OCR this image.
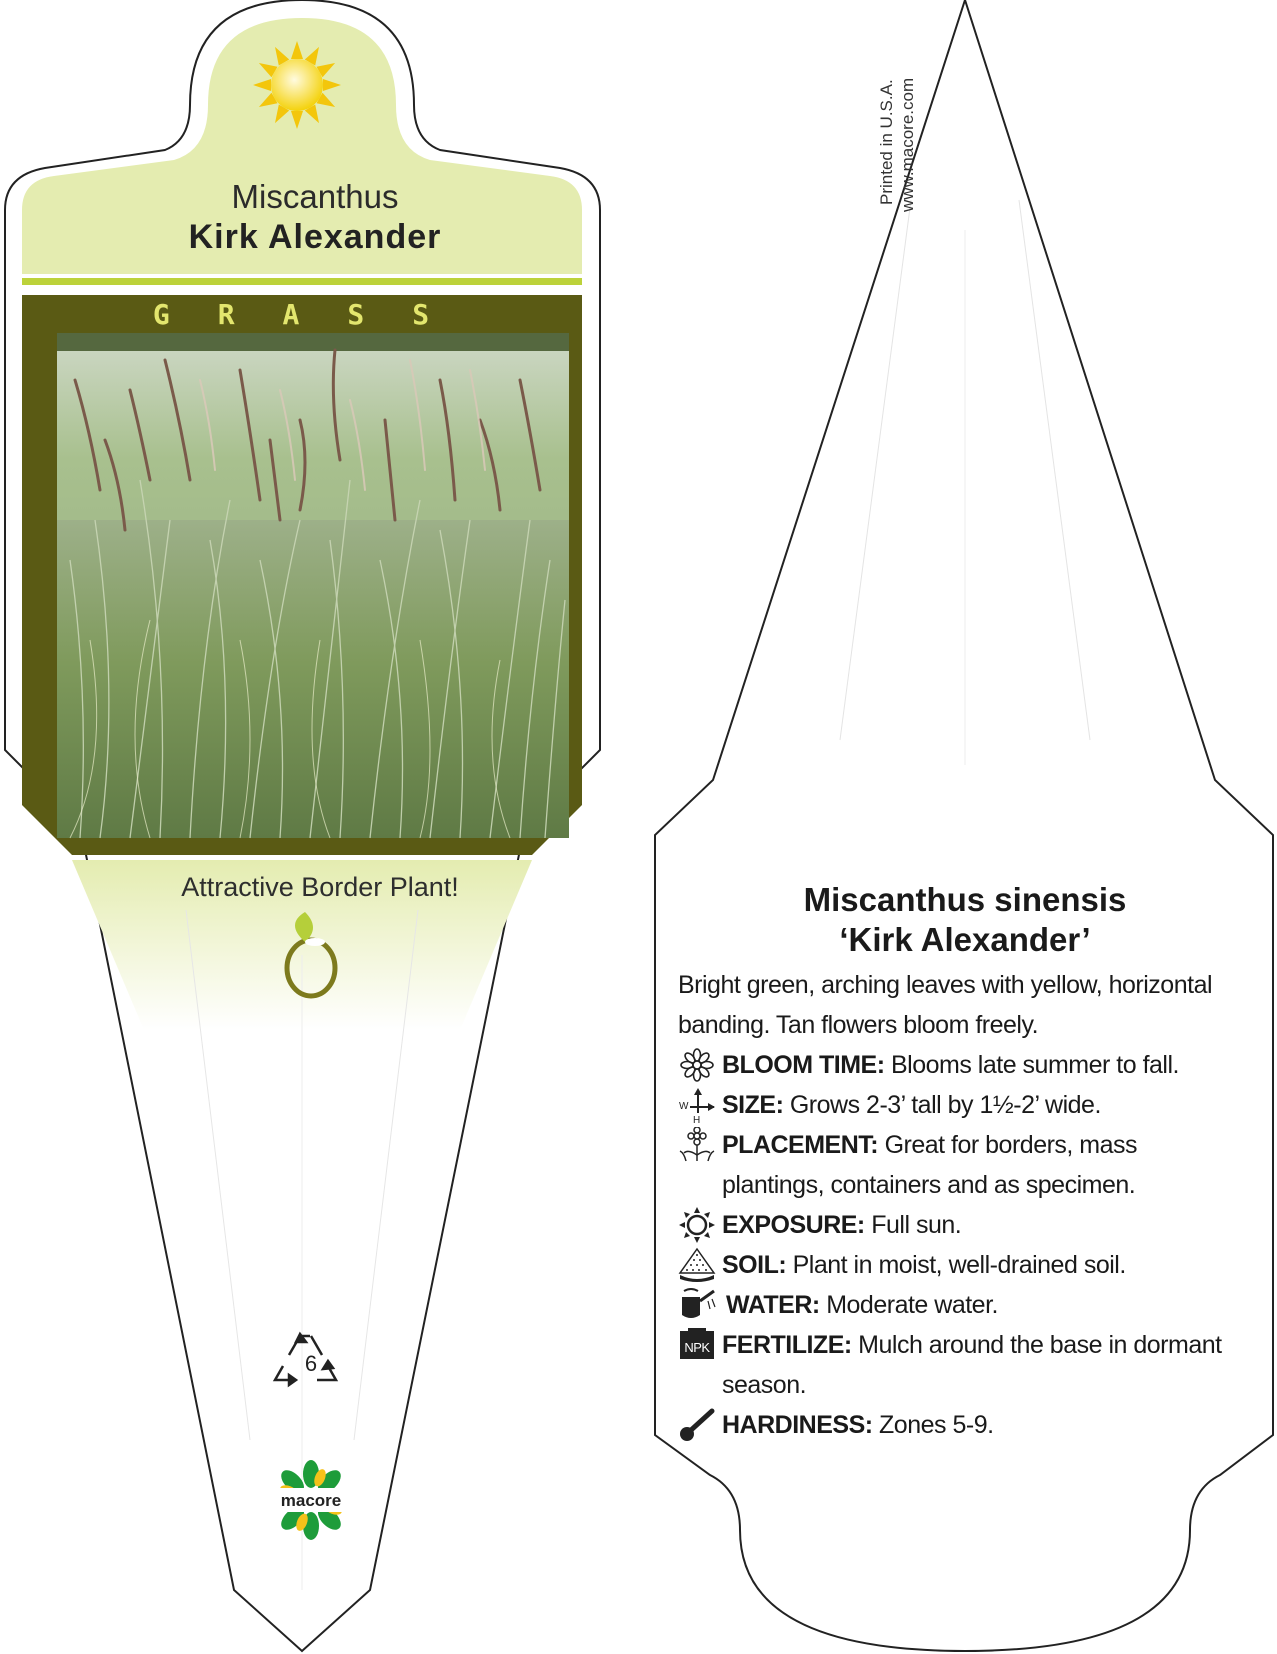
Miscanthus
Kirk Alexander
GRASS
Attractive Border Plant!
6
macore
Printed in U.S.A. www.macore.com
Miscanthus sinensis
‘Kirk Alexander’

Bright green, arching leaves with yellow, horizontal banding. Tan flowers bloom freely.

BLOOM TIME: Blooms late summer to fall.
W
H
SIZE: Grows 2-3’ tall by 1½-2’ wide.
PLACEMENT: Great for borders, mass plantings, containers and as specimen.
EXPOSURE: Full sun.
SOIL: Plant in moist, well-drained soil.
WATER: Moderate water.
NPK FERTILIZE: Mulch around the base in dormant season.
HARDINESS: Zones 5-9.
